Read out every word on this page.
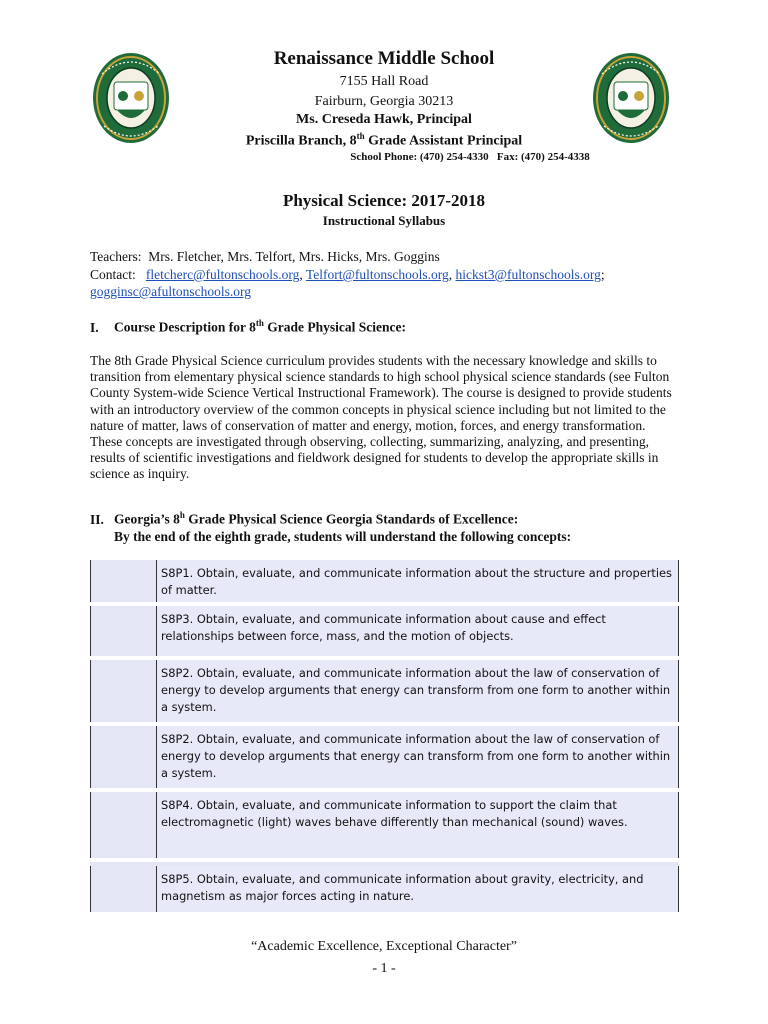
Renaissance Middle School
7155 Hall Road
Fairburn, Georgia 30213
Ms. Creseda Hawk, Principal
Priscilla Branch, 8th Grade Assistant Principal
School Phone: (470) 254-4330   Fax: (470) 254-4338
Physical Science: 2017-2018
Instructional Syllabus
Teachers: Mrs. Fletcher, Mrs. Telfort, Mrs. Hicks, Mrs. Goggins
Contact: fletcherc@fultonschools.org, Telfort@fultonschools.org, hickst3@fultonschools.org; gogginsc@afultonschools.org
I. Course Description for 8th Grade Physical Science:
The 8th Grade Physical Science curriculum provides students with the necessary knowledge and skills to transition from elementary physical science standards to high school physical science standards (see Fulton County System-wide Science Vertical Instructional Framework). The course is designed to provide students with an introductory overview of the common concepts in physical science including but not limited to the nature of matter, laws of conservation of matter and energy, motion, forces, and energy transformation. These concepts are investigated through observing, collecting, summarizing, analyzing, and presenting, results of scientific investigations and fieldwork designed for students to develop the appropriate skills in science as inquiry.
II. Georgia’s 8$^h$ Grade Physical Science Georgia Standards of Excellence:
By the end of the eighth grade, students will understand the following concepts:
S8P1. Obtain, evaluate, and communicate information about the structure and properties of matter.
S8P3. Obtain, evaluate, and communicate information about cause and effect relationships between force, mass, and the motion of objects.
S8P2. Obtain, evaluate, and communicate information about the law of conservation of energy to develop arguments that energy can transform from one form to another within a system.
S8P2. Obtain, evaluate, and communicate information about the law of conservation of energy to develop arguments that energy can transform from one form to another within a system.
S8P4. Obtain, evaluate, and communicate information to support the claim that electromagnetic (light) waves behave differently than mechanical (sound) waves.
S8P5. Obtain, evaluate, and communicate information about gravity, electricity, and magnetism as major forces acting in nature.
“Academic Excellence, Exceptional Character”
- 1 -
